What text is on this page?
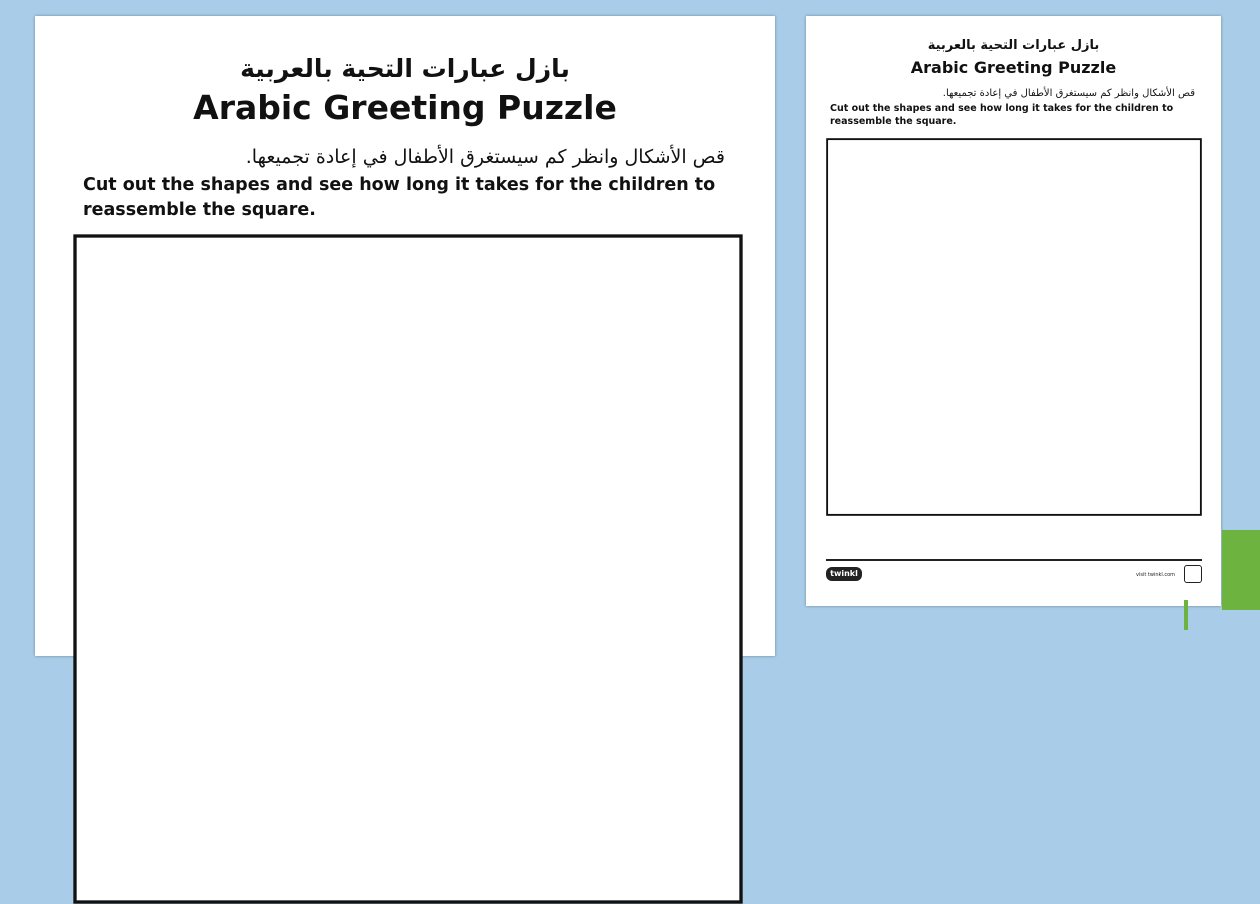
بازل عبارات التحية بالعربية
Arabic Greeting Puzzle
قص الأشكال وانظر كم سيستغرق الأطفال في إعادة تجميعها.
Cut out the shapes and see how long it takes for the children to reassemble the square.
بازل عبارات التحية بالعربية
Arabic Greeting Puzzle
قص الأشكال وانظر كم سيستغرق الأطفال في إعادة تجميعها.
Cut out the shapes and see how long it takes for the children to reassemble the square.
twinkl	visit twinkl.com
